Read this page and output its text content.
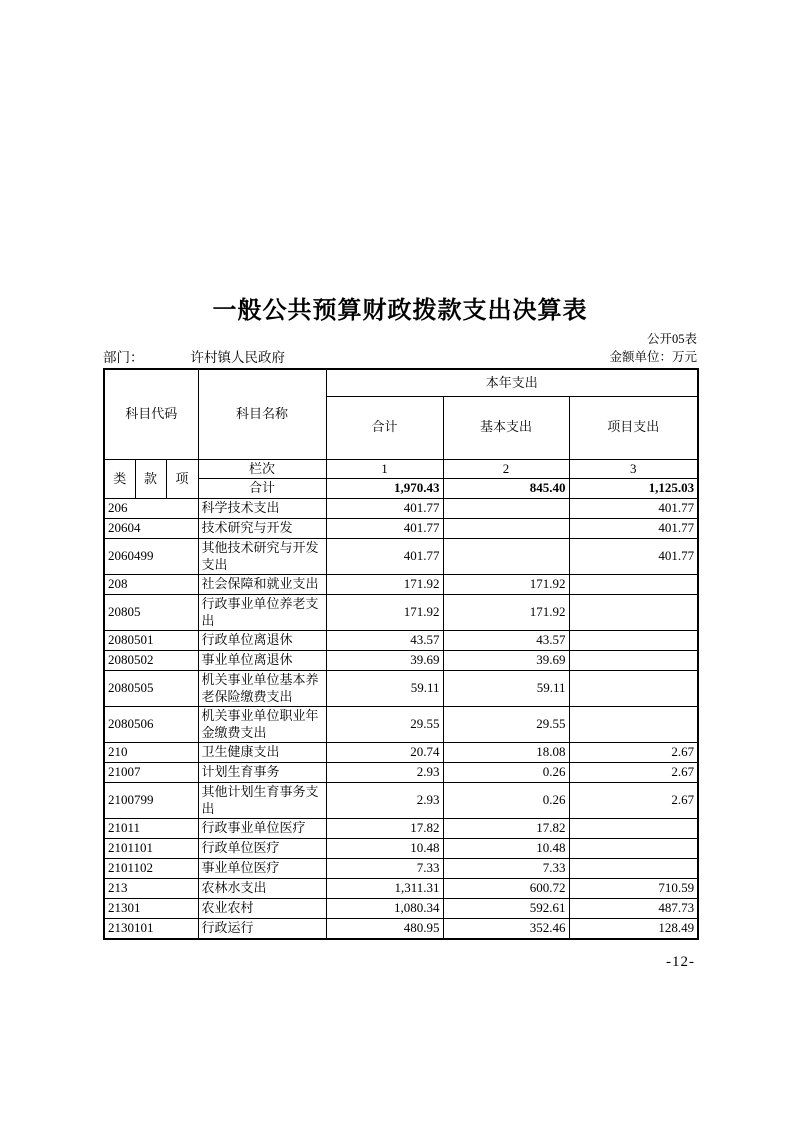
一般公共预算财政拨款支出决算表
公开05表
部门：	许村镇人民政府	金额单位：万元
科目代码			科目名称	本年支出		
				合计	基本支出	项目支出
类	款	项	栏次	1	2	3
			合计	1,970.43	845.40	1,125.03
206			科学技术支出	401.77		401.77
20604			技术研究与开发	401.77		401.77
2060499			其他技术研究与开发支出	401.77		401.77
208			社会保障和就业支出	171.92	171.92	
20805			行政事业单位养老支出	171.92	171.92	
2080501			行政单位离退休	43.57	43.57	
2080502			事业单位离退休	39.69	39.69	
2080505			机关事业单位基本养老保险缴费支出	59.11	59.11	
2080506			机关事业单位职业年金缴费支出	29.55	29.55	
210			卫生健康支出	20.74	18.08	2.67
21007			计划生育事务	2.93	0.26	2.67
2100799			其他计划生育事务支出	2.93	0.26	2.67
21011			行政事业单位医疗	17.82	17.82	
2101101			行政单位医疗	10.48	10.48	
2101102			事业单位医疗	7.33	7.33	
213			农林水支出	1,311.31	600.72	710.59
21301			农业农村	1,080.34	592.61	487.73
2130101			行政运行	480.95	352.46	128.49
-12-
